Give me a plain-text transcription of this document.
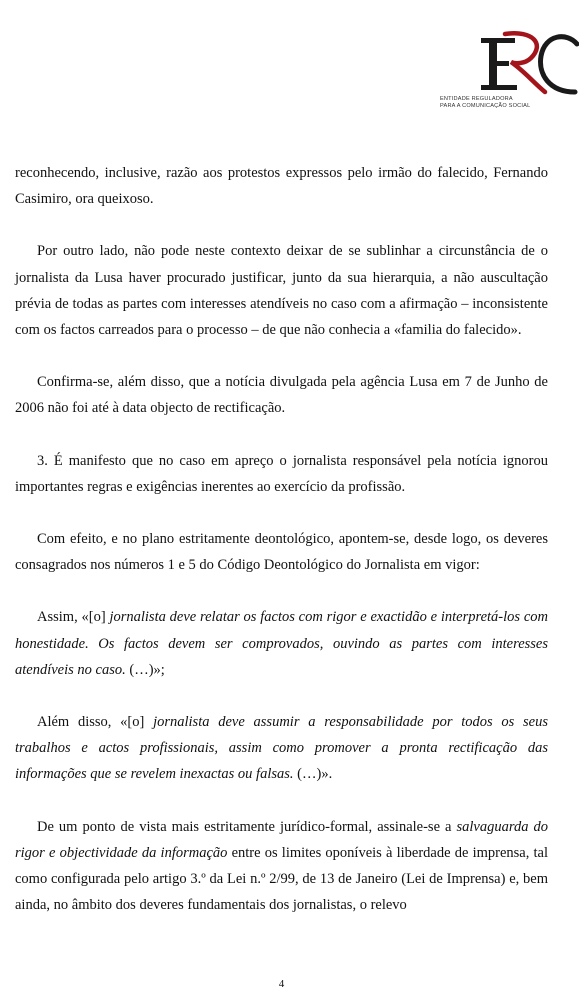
ENTIDADE REGULADORA
PARA A COMUNICAÇÃO SOCIAL

reconhecendo, inclusive, razão aos protestos expressos pelo irmão do falecido, Fernando Casimiro, ora queixoso.

Por outro lado, não pode neste contexto deixar de se sublinhar a circunstância de o jornalista da Lusa haver procurado justificar, junto da sua hierarquia, a não auscultação prévia de todas as partes com interesses atendíveis no caso com a afirmação – inconsistente com os factos carreados para o processo – de que não conhecia a «familia do falecido».

Confirma-se, além disso, que a notícia divulgada pela agência Lusa em 7 de Junho de 2006 não foi até à data objecto de rectificação.

3. É manifesto que no caso em apreço o jornalista responsável pela notícia ignorou importantes regras e exigências inerentes ao exercício da profissão.

Com efeito, e no plano estritamente deontológico, apontem-se, desde logo, os deveres consagrados nos números 1 e 5 do Código Deontológico do Jornalista em vigor:

Assim, «[o] jornalista deve relatar os factos com rigor e exactidão e interpretá-los com honestidade. Os factos devem ser comprovados, ouvindo as partes com interesses atendíveis no caso. (…)»;

Além disso, «[o] jornalista deve assumir a responsabilidade por todos os seus trabalhos e actos profissionais, assim como promover a pronta rectificação das informações que se revelem inexactas ou falsas. (…)».

De um ponto de vista mais estritamente jurídico-formal, assinale-se a salvaguarda do rigor e objectividade da informação entre os limites oponíveis à liberdade de imprensa, tal como configurada pelo artigo 3.º da Lei n.º 2/99, de 13 de Janeiro (Lei de Imprensa) e, bem ainda, no âmbito dos deveres fundamentais dos jornalistas, o relevo

4
